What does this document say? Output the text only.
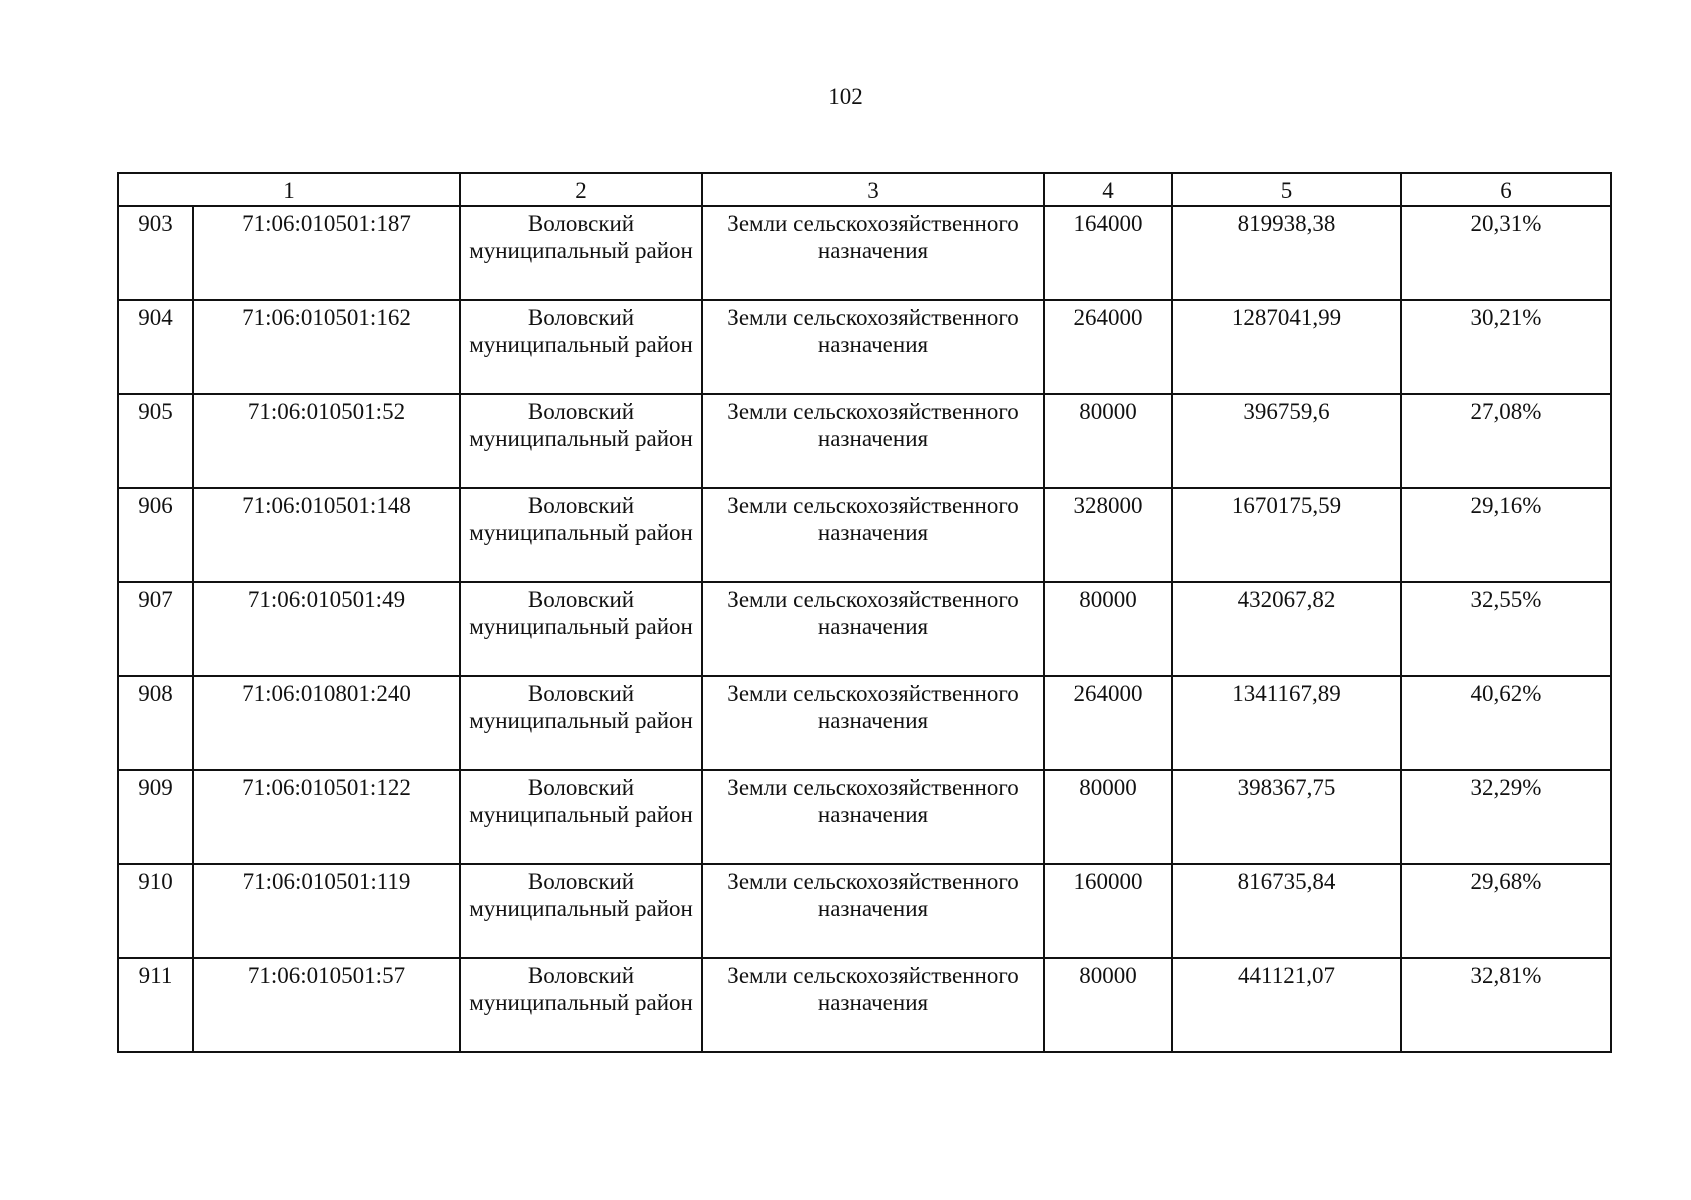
102
1		2	3	4	5	6
903	71:06:010501:187	Воловский муниципальный район	Земли сельскохозяйственного назначения	164000	819938,38	20,31%
904	71:06:010501:162	Воловский муниципальный район	Земли сельскохозяйственного назначения	264000	1287041,99	30,21%
905	71:06:010501:52	Воловский муниципальный район	Земли сельскохозяйственного назначения	80000	396759,6	27,08%
906	71:06:010501:148	Воловский муниципальный район	Земли сельскохозяйственного назначения	328000	1670175,59	29,16%
907	71:06:010501:49	Воловский муниципальный район	Земли сельскохозяйственного назначения	80000	432067,82	32,55%
908	71:06:010801:240	Воловский муниципальный район	Земли сельскохозяйственного назначения	264000	1341167,89	40,62%
909	71:06:010501:122	Воловский муниципальный район	Земли сельскохозяйственного назначения	80000	398367,75	32,29%
910	71:06:010501:119	Воловский муниципальный район	Земли сельскохозяйственного назначения	160000	816735,84	29,68%
911	71:06:010501:57	Воловский муниципальный район	Земли сельскохозяйственного назначения	80000	441121,07	32,81%
